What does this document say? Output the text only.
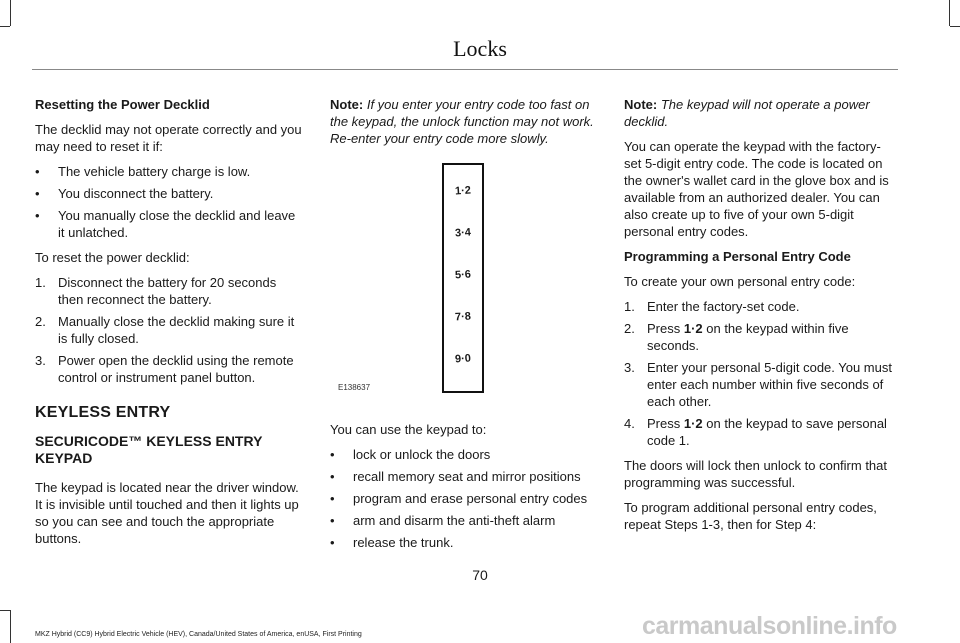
Locks

Resetting the Power Decklid

The decklid may not operate correctly and you may need to reset it if:

• The vehicle battery charge is low.
• You disconnect the battery.
• You manually close the decklid and leave it unlatched.

To reset the power decklid:

1. Disconnect the battery for 20 seconds then reconnect the battery.
2. Manually close the decklid making sure it is fully closed.
3. Power open the decklid using the remote control or instrument panel button.
KEYLESS ENTRY
SECURICODE™ KEYLESS ENTRY KEYPAD

The keypad is located near the driver window. It is invisible until touched and then it lights up so you can see and touch the appropriate buttons.

Note: If you enter your entry code too fast on the keypad, the unlock function may not work. Re-enter your entry code more slowly.

1·2
3·4
5·6
7·8
9·0
E138637

You can use the keypad to:

• lock or unlock the doors
• recall memory seat and mirror positions
• program and erase personal entry codes
• arm and disarm the anti-theft alarm
• release the trunk.

Note: The keypad will not operate a power decklid.

You can operate the keypad with the factory-set 5-digit entry code. The code is located on the owner's wallet card in the glove box and is available from an authorized dealer. You can also create up to five of your own 5-digit personal entry codes.

Programming a Personal Entry Code

To create your own personal entry code:

1. Enter the factory-set code.
2. Press 1·2 on the keypad within five seconds.
3. Enter your personal 5-digit code. You must enter each number within five seconds of each other.
4. Press 1·2 on the keypad to save personal code 1.

The doors will lock then unlock to confirm that programming was successful.

To program additional personal entry codes, repeat Steps 1-3, then for Step 4:

70
carmanualsonline.info
MKZ Hybrid (CC9) Hybrid Electric Vehicle (HEV), Canada/United States of America, enUSA, First Printing
